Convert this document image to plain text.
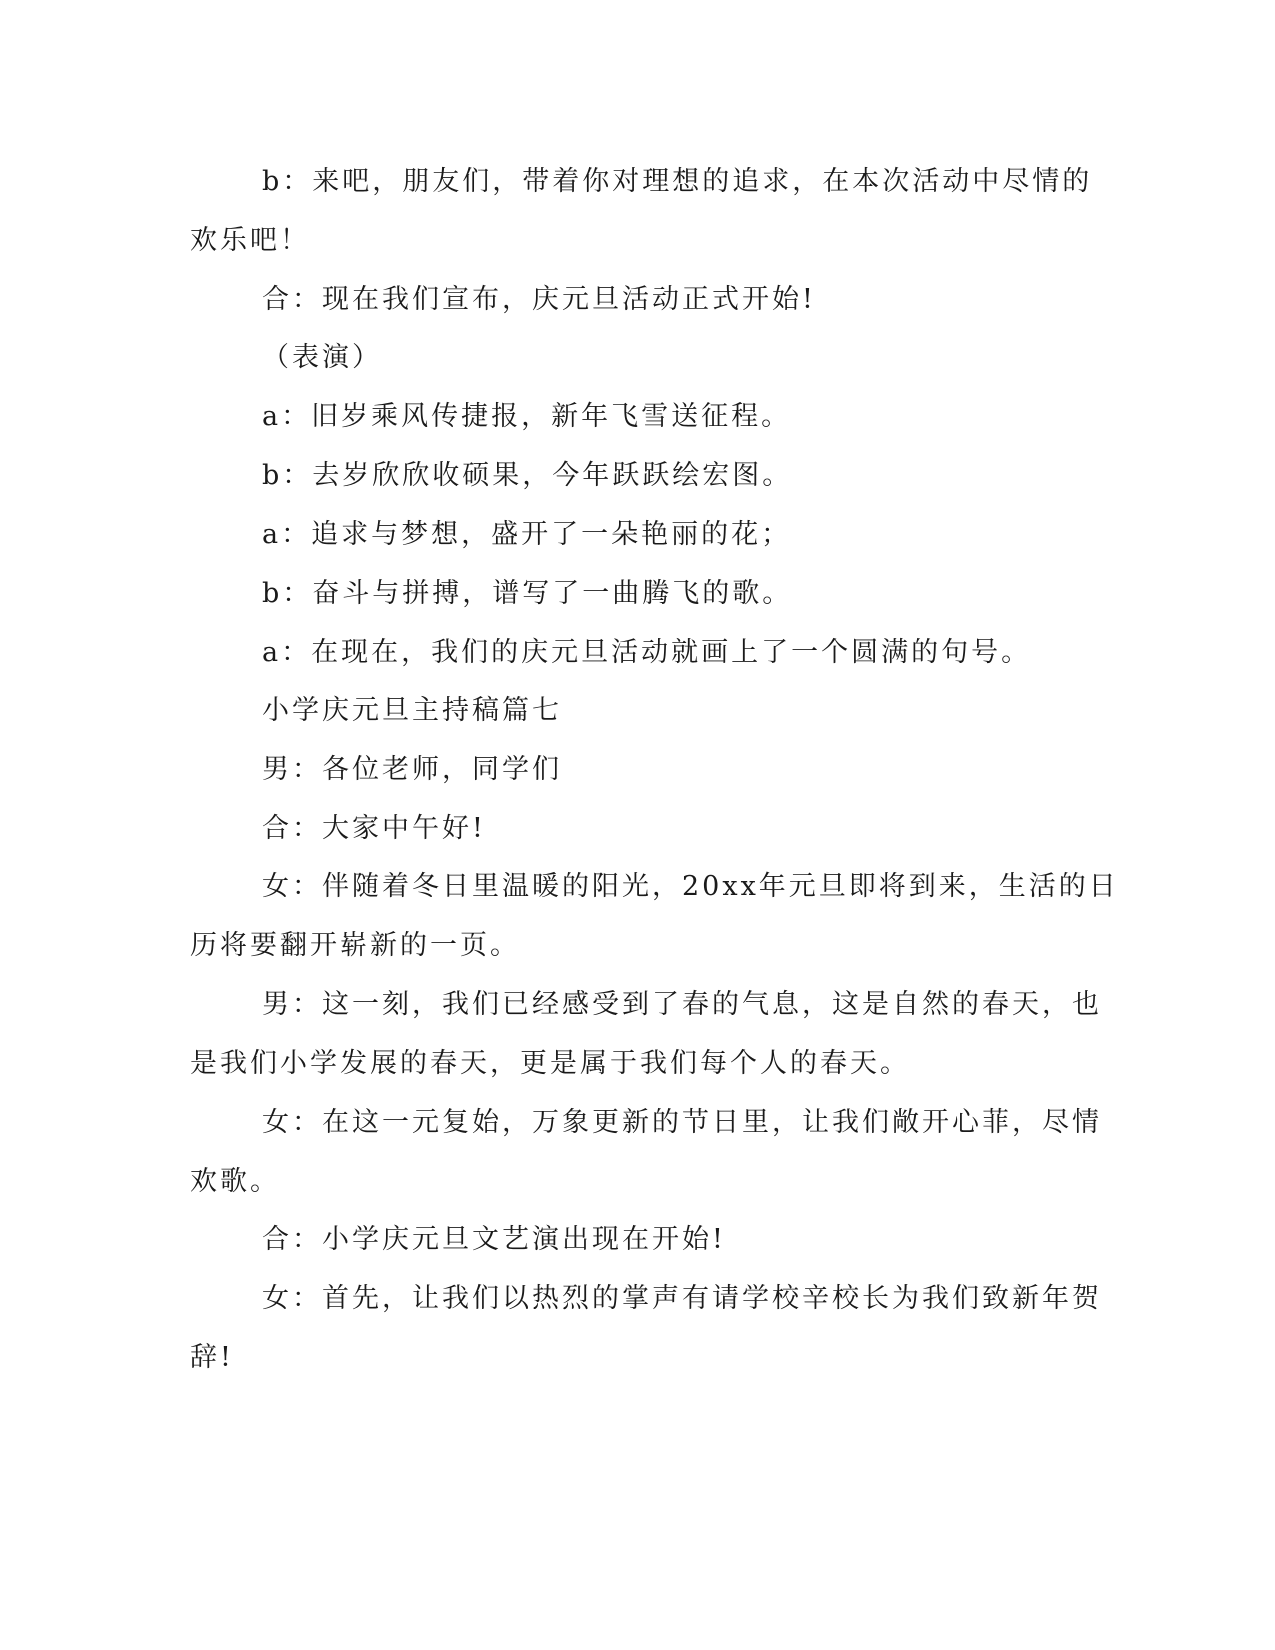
b：来吧，朋友们，带着你对理想的追求，在本次活动中尽情的
欢乐吧！
合：现在我们宣布，庆元旦活动正式开始!
（表演）
a：旧岁乘风传捷报，新年飞雪送征程。
b：去岁欣欣收硕果，今年跃跃绘宏图。
a：追求与梦想，盛开了一朵艳丽的花；
b：奋斗与拼搏，谱写了一曲腾飞的歌。
a：在现在，我们的庆元旦活动就画上了一个圆满的句号。
小学庆元旦主持稿篇七
男：各位老师，同学们
合：大家中午好!
女：伴随着冬日里温暖的阳光，20xx年元旦即将到来，生活的日
历将要翻开崭新的一页。
男：这一刻，我们已经感受到了春的气息，这是自然的春天，也
是我们小学发展的春天，更是属于我们每个人的春天。
女：在这一元复始，万象更新的节日里，让我们敞开心菲，尽情
欢歌。
合：小学庆元旦文艺演出现在开始!
女：首先，让我们以热烈的掌声有请学校辛校长为我们致新年贺
辞!
